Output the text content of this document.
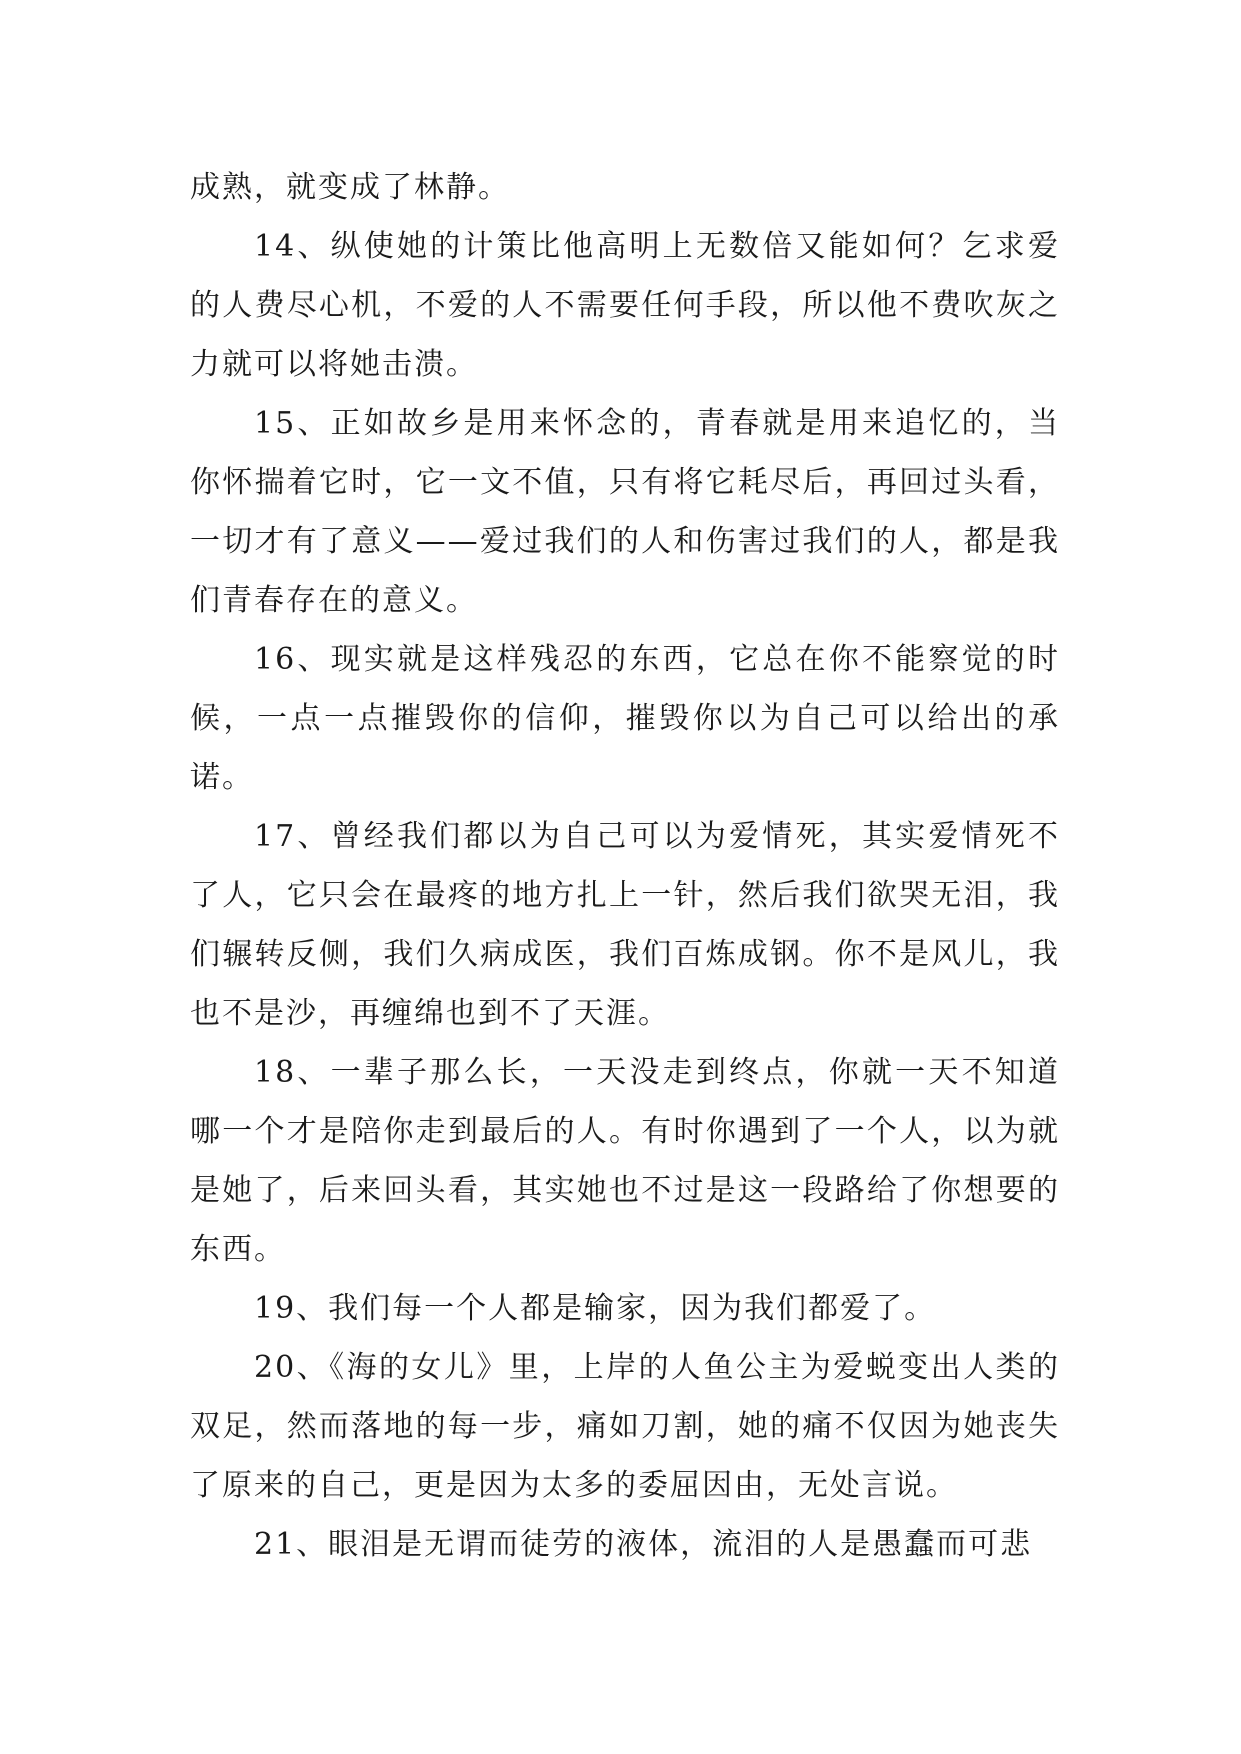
成熟，就变成了林静。

14、纵使她的计策比他高明上无数倍又能如何？乞求爱的人费尽心机，不爱的人不需要任何手段，所以他不费吹灰之力就可以将她击溃。

15、正如故乡是用来怀念的，青春就是用来追忆的，当你怀揣着它时，它一文不值，只有将它耗尽后，再回过头看，一切才有了意义——爱过我们的人和伤害过我们的人，都是我们青春存在的意义。

16、现实就是这样残忍的东西，它总在你不能察觉的时候，一点一点摧毁你的信仰，摧毁你以为自己可以给出的承诺。

17、曾经我们都以为自己可以为爱情死，其实爱情死不了人，它只会在最疼的地方扎上一针，然后我们欲哭无泪，我们辗转反侧，我们久病成医，我们百炼成钢。你不是风儿，我也不是沙，再缠绵也到不了天涯。

18、一辈子那么长，一天没走到终点，你就一天不知道哪一个才是陪你走到最后的人。有时你遇到了一个人，以为就是她了，后来回头看，其实她也不过是这一段路给了你想要的东西。

19、我们每一个人都是输家，因为我们都爱了。

20、《海的女儿》里，上岸的人鱼公主为爱蜕变出人类的双足，然而落地的每一步，痛如刀割，她的痛不仅因为她丧失了原来的自己，更是因为太多的委屈因由，无处言说。

21、眼泪是无谓而徒劳的液体，流泪的人是愚蠢而可悲
